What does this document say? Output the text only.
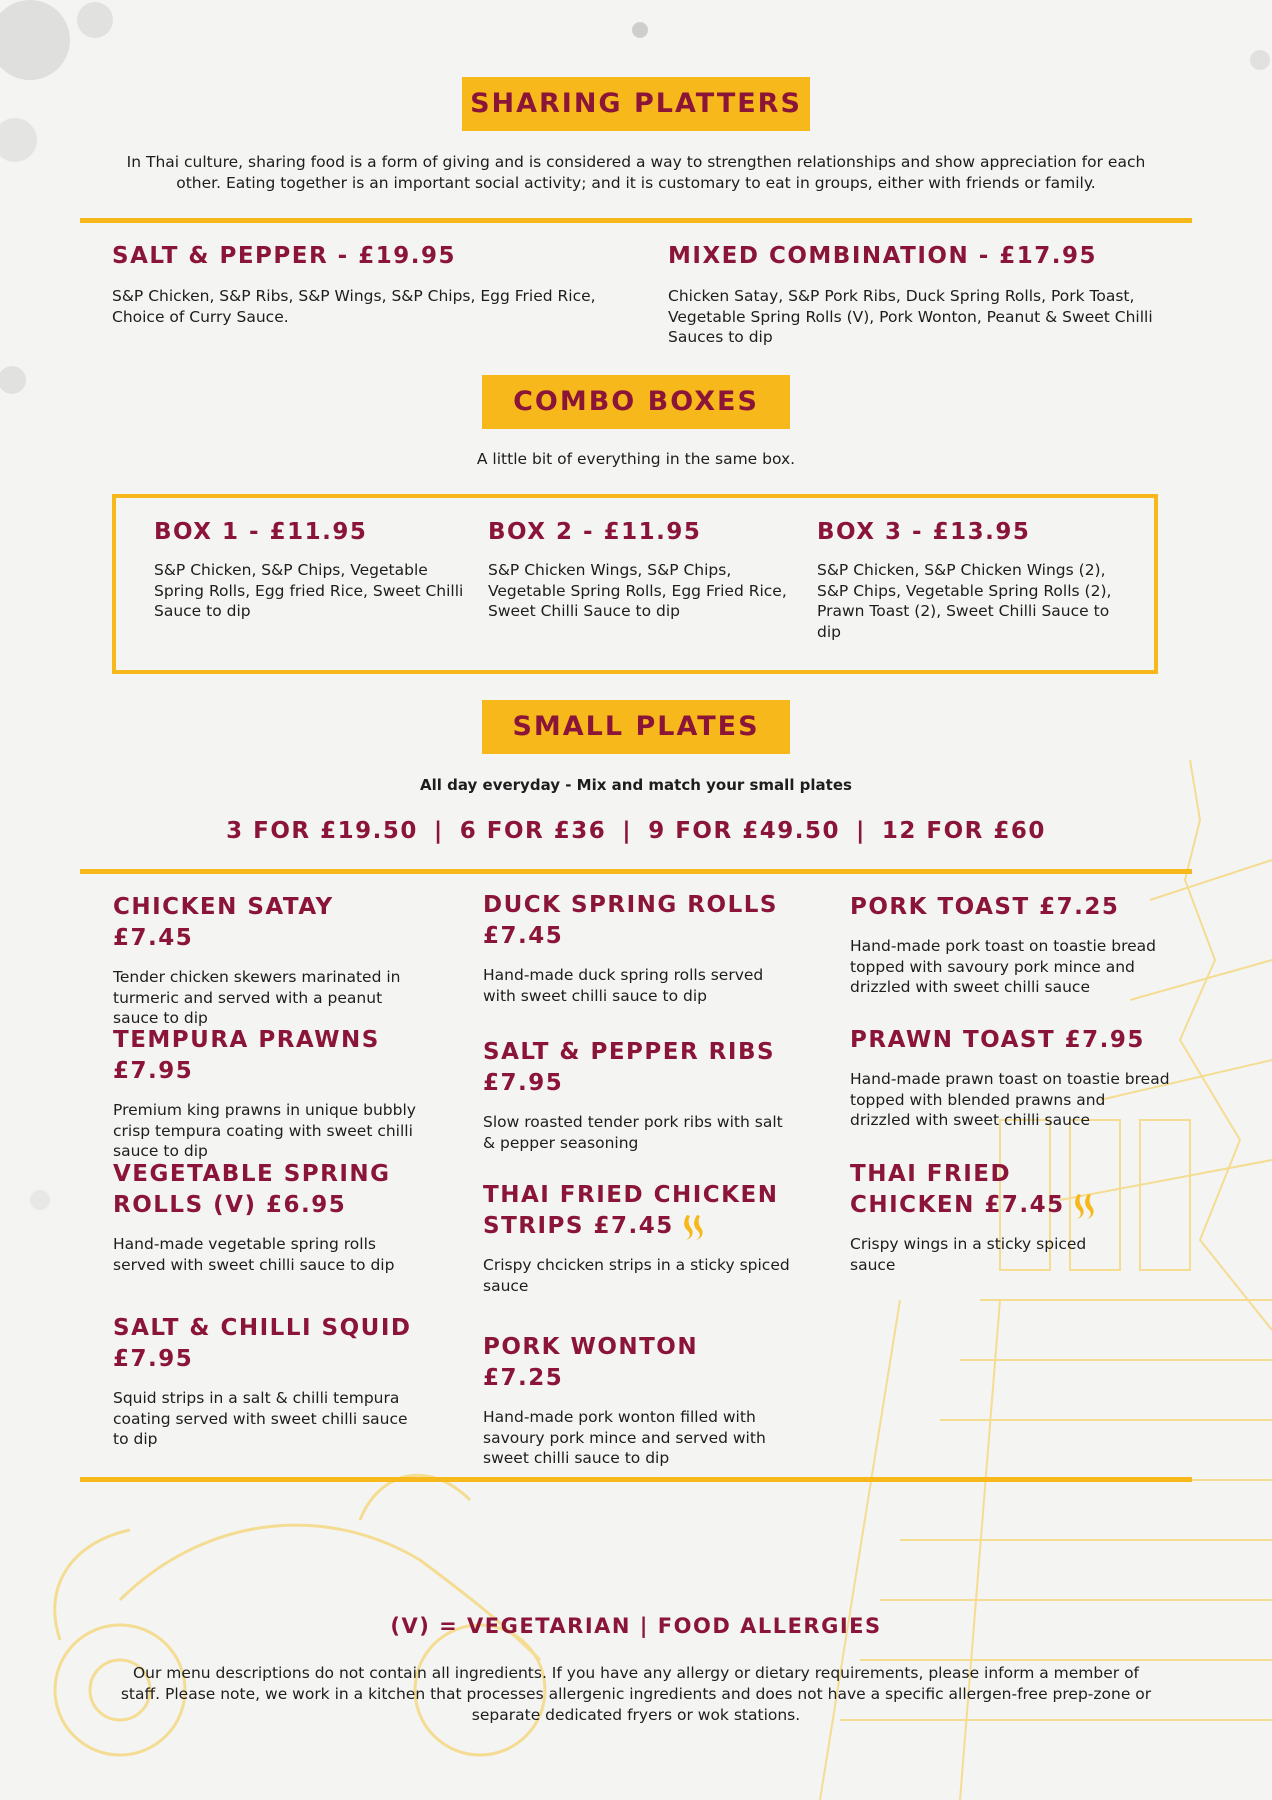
SHARING PLATTERS
In Thai culture, sharing food is a form of giving and is considered a way to strengthen relationships and show appreciation for each other. Eating together is an important social activity; and it is customary to eat in groups, either with friends or family.

SALT & PEPPER - £19.95

S&P Chicken, S&P Ribs, S&P Wings, S&P Chips, Egg Fried Rice, Choice of Curry Sauce.

MIXED COMBINATION - £17.95

Chicken Satay, S&P Pork Ribs, Duck Spring Rolls, Pork Toast, Vegetable Spring Rolls (V), Pork Wonton, Peanut & Sweet Chilli Sauces to dip

COMBO BOXES
A little bit of everything in the same box.

BOX 1 - £11.95

S&P Chicken, S&P Chips, Vegetable Spring Rolls, Egg fried Rice, Sweet Chilli Sauce to dip

BOX 2 - £11.95

S&P Chicken Wings, S&P Chips, Vegetable Spring Rolls, Egg Fried Rice, Sweet Chilli Sauce to dip

BOX 3 - £13.95

S&P Chicken, S&P Chicken Wings (2), S&P Chips, Vegetable Spring Rolls (2), Prawn Toast (2), Sweet Chilli Sauce to dip

SMALL PLATES
All day everyday - Mix and match your small plates
3 FOR £19.50 | 6 FOR £36 | 9 FOR £49.50 | 12 FOR £60

CHICKEN SATAY £7.45

Tender chicken skewers marinated in turmeric and served with a peanut sauce to dip

TEMPURA PRAWNS £7.95

Premium king prawns in unique bubbly crisp tempura coating with sweet chilli sauce to dip

VEGETABLE SPRING ROLLS (V) £6.95

Hand-made vegetable spring rolls served with sweet chilli sauce to dip

SALT & CHILLI SQUID £7.95

Squid strips in a salt & chilli tempura coating served with sweet chilli sauce to dip

DUCK SPRING ROLLS £7.45

Hand-made duck spring rolls served with sweet chilli sauce to dip

SALT & PEPPER RIBS £7.95

Slow roasted tender pork ribs with salt & pepper seasoning

THAI FRIED CHICKEN STRIPS £7.45

Crispy chcicken strips in a sticky spiced sauce

PORK WONTON £7.25

Hand-made pork wonton filled with savoury pork mince and served with sweet chilli sauce to dip

PORK TOAST £7.25

Hand-made pork toast on toastie bread topped with savoury pork mince and drizzled with sweet chilli sauce

PRAWN TOAST £7.95

Hand-made prawn toast on toastie bread topped with blended prawns and drizzled with sweet chilli sauce

THAI FRIED CHICKEN £7.45

Crispy wings in a sticky spiced sauce

(V) = VEGETARIAN | FOOD ALLERGIES
Our menu descriptions do not contain all ingredients. If you have any allergy or dietary requirements, please inform a member of staff. Please note, we work in a kitchen that processes allergenic ingredients and does not have a specific allergen-free prep-zone or separate dedicated fryers or wok stations.
